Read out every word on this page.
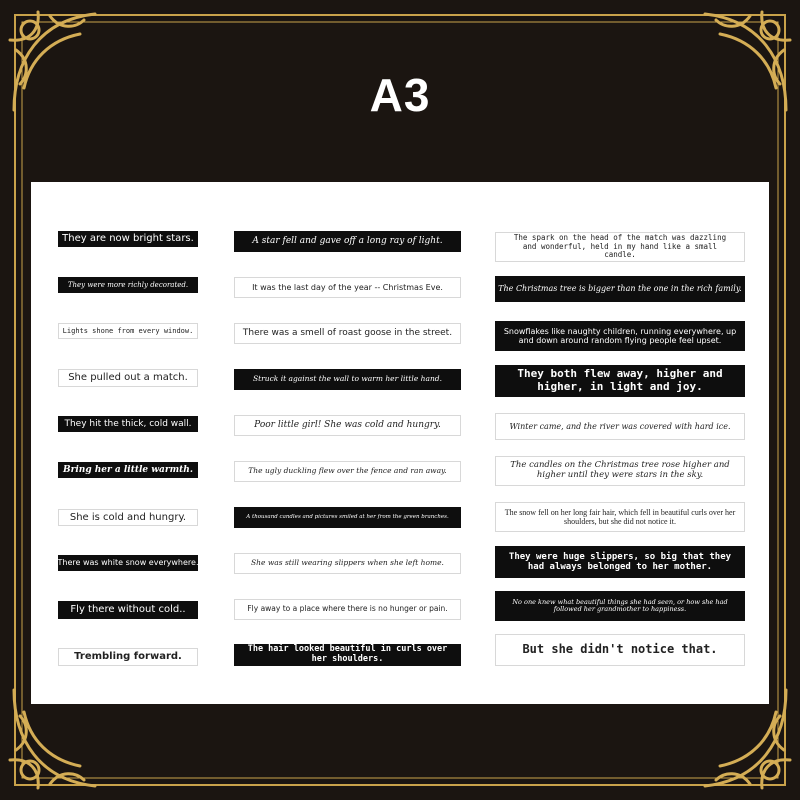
A3
They are now bright stars.
They were more richly decorated.
Lights shone from every window.
She pulled out a match.
They hit the thick, cold wall.
Bring her a little warmth.
She is cold and hungry.
There was white snow everywhere.
Fly there without cold..
Trembling forward.
A star fell and gave off a long ray of light.
It was the last day of the year -- Christmas Eve.
There was a smell of roast goose in the street.
Struck it against the wall to warm her little hand.
Poor little girl! She was cold and hungry.
The ugly duckling flew over the fence and ran away.
A thousand candles and pictures smiled at her from the green branches.
She was still wearing slippers when she left home.
Fly away to a place where there is no hunger or pain.
The hair looked beautiful in curls over her shoulders.
The spark on the head of the match was dazzling and wonderful, held in my hand like a small candle.
The Christmas tree is bigger than the one in the rich family.
Snowflakes like naughty children, running everywhere, up and down around random flying people feel upset.
They both flew away, higher and higher, in light and joy.
Winter came, and the river was covered with hard ice.
The candles on the Christmas tree rose higher and higher until they were stars in the sky.
The snow fell on her long fair hair, which fell in beautiful curls over her shoulders, but she did not notice it.
They were huge slippers, so big that they had always belonged to her mother.
No one knew what beautiful things she had seen, or how she had followed her grandmother to happiness.
But she didn't notice that.
